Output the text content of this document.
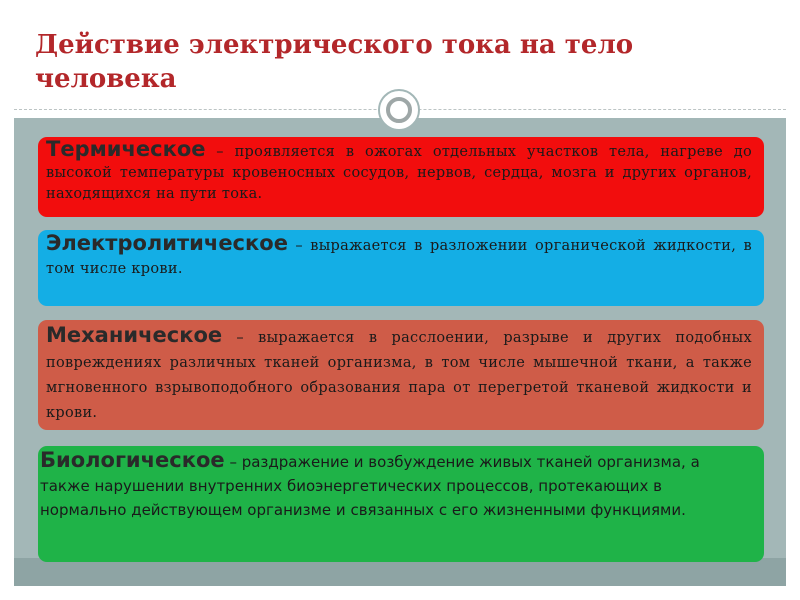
Действие электрического тока на тело человека
Термическое – проявляется в ожогах отдельных участков тела, нагреве до высокой температуры кровеносных сосудов, нервов, сердца, мозга и других органов, находящихся на пути тока.
Электролитическое – выражается в разложении органической жидкости, в том числе крови.
Механическое – выражается в расслоении, разрыве и других подобных повреждениях различных тканей организма, в том числе мышечной ткани, а также мгновенного взрывоподобного образования пара от перегретой тканевой жидкости и крови.
Биологическое – раздражение и возбуждение живых тканей организма, а также нарушении внутренних биоэнергетических процессов, протекающих в нормально действующем организме и связанных с его жизненными функциями.
